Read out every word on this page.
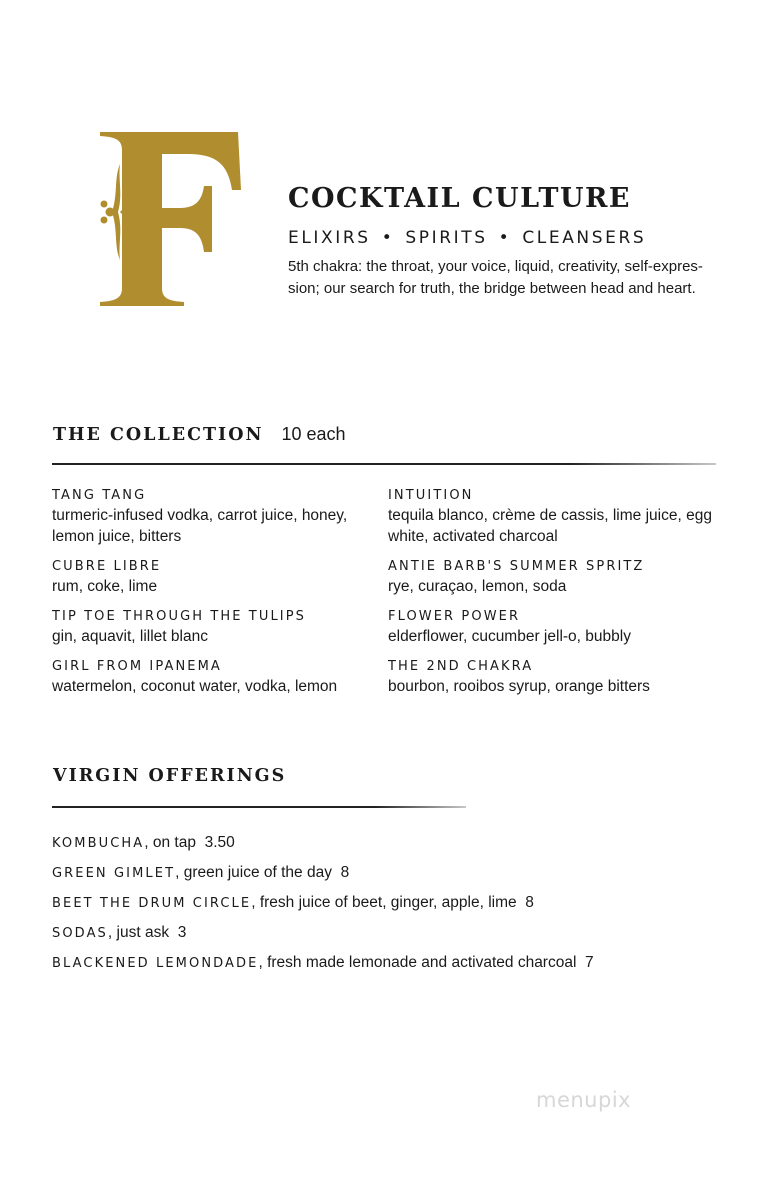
COCKTAIL CULTURE
ELIXIRS • SPIRITS • CLEANSERS
5th chakra: the throat, your voice, liquid, creativity, self-expres-
sion; our search for truth, the bridge between head and heart.
THE COLLECTION 10 each
TANG TANG
turmeric-infused vodka, carrot juice, honey, lemon juice, bitters
CUBRE LIBRE
rum, coke, lime
TIP TOE THROUGH THE TULIPS
gin, aquavit, lillet blanc
GIRL FROM IPANEMA
watermelon, coconut water, vodka, lemon
INTUITION
tequila blanco, crème de cassis, lime juice, egg white, activated charcoal
ANTIE BARB'S SUMMER SPRITZ
rye, curaçao, lemon, soda
FLOWER POWER
elderflower, cucumber jell-o, bubbly
THE 2ND CHAKRA
bourbon, rooibos syrup, orange bitters
VIRGIN OFFERINGS
KOMBUCHA, on tap 3.50
GREEN GIMLET, green juice of the day 8
BEET THE DRUM CIRCLE, fresh juice of beet, ginger, apple, lime 8
SODAS, just ask 3
BLACKENED LEMONDADE, fresh made lemonade and activated charcoal 7
menupix
